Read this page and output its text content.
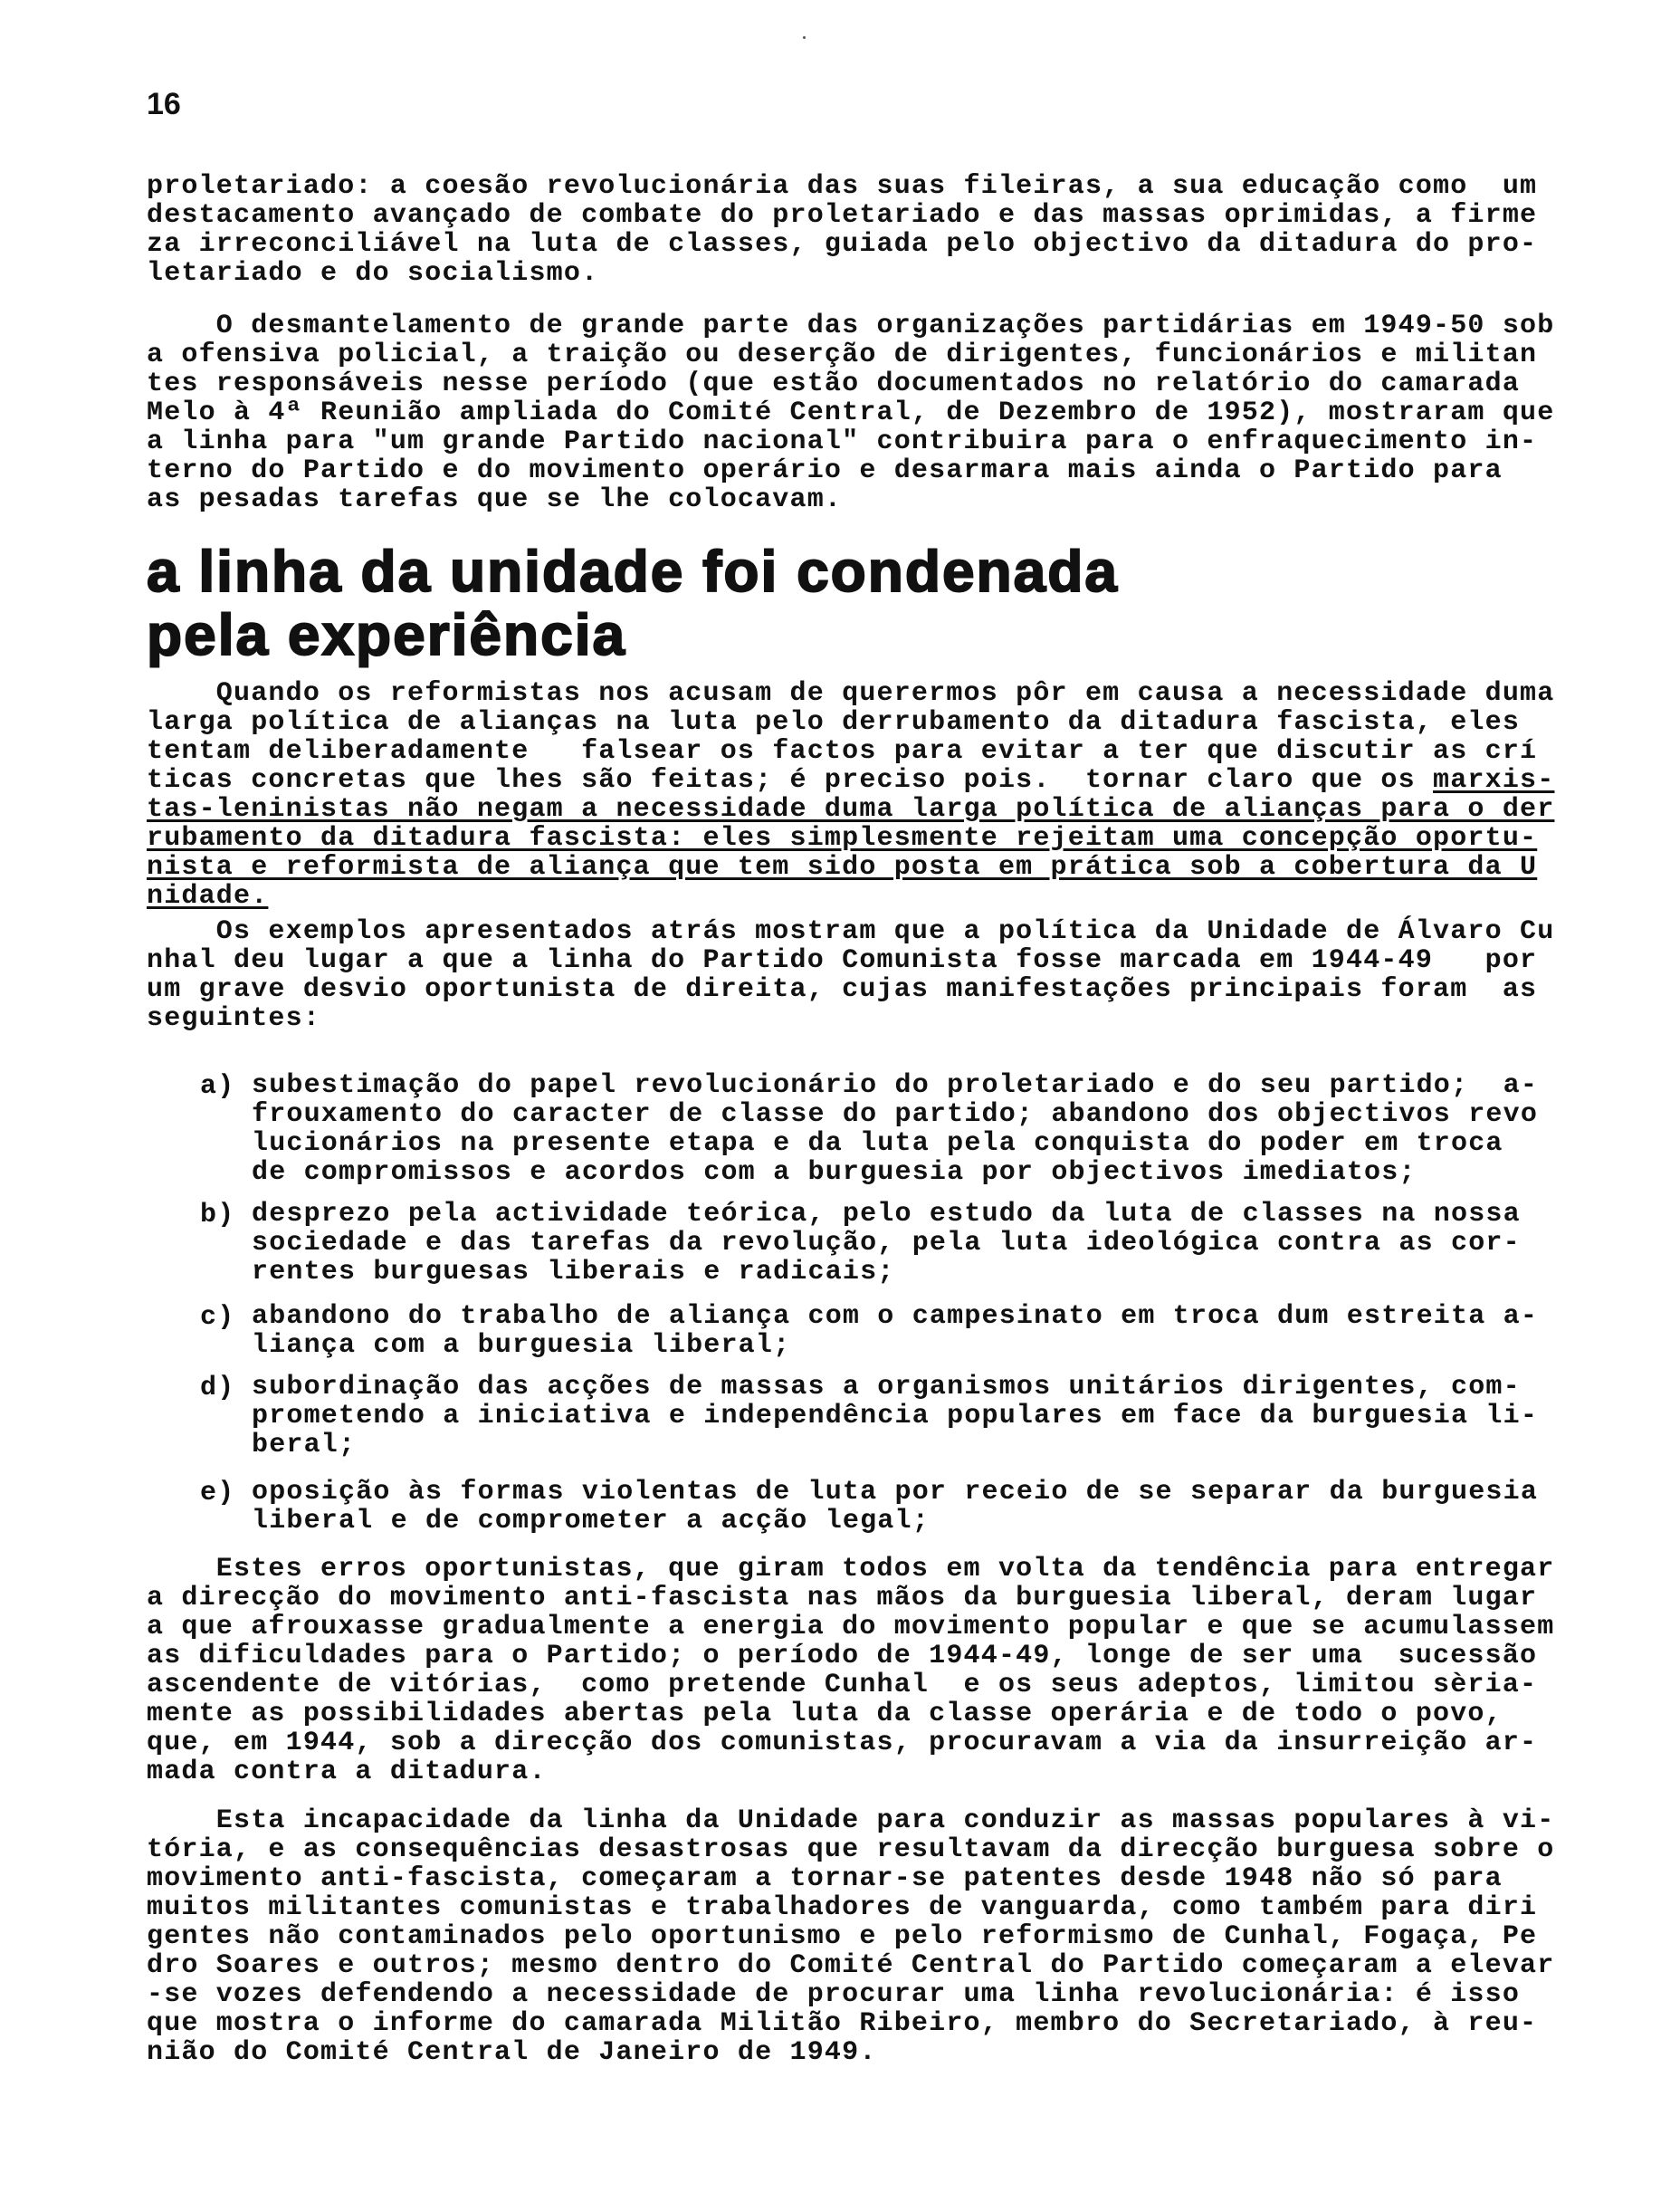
16
proletariado: a coesão revolucionária das suas fileiras, a sua educação como  um
destacamento avançado de combate do proletariado e das massas oprimidas, a firme
za irreconciliável na luta de classes, guiada pelo objectivo da ditadura do pro-
letariado e do socialismo.
O desmantelamento de grande parte das organizações partidárias em 1949-50 sob
a ofensiva policial, a traição ou deserção de dirigentes, funcionários e militan
tes responsáveis nesse período (que estão documentados no relatório do camarada
Melo à 4ª Reunião ampliada do Comité Central, de Dezembro de 1952), mostraram que
a linha para "um grande Partido nacional" contribuira para o enfraquecimento in-
terno do Partido e do movimento operário e desarmara mais ainda o Partido para
as pesadas tarefas que se lhe colocavam.
a linha da unidade foi condenada
pela experiência
Quando os reformistas nos acusam de querermos pôr em causa a necessidade duma
larga política de alianças na luta pelo derrubamento da ditadura fascista, eles
tentam deliberadamente   falsear os factos para evitar a ter que discutir as crí
ticas concretas que lhes são feitas; é preciso pois.  tornar claro que os marxis-
tas-leninistas não negam a necessidade duma larga política de alianças para o der
rubamento da ditadura fascista: eles simplesmente rejeitam uma concepção oportu-
nista e reformista de aliança que tem sido posta em prática sob a cobertura da U
nidade.
Os exemplos apresentados atrás mostram que a política da Unidade de Álvaro Cu
nhal deu lugar a que a linha do Partido Comunista fosse marcada em 1944-49   por
um grave desvio oportunista de direita, cujas manifestações principais foram  as
seguintes:
a) subestimação do papel revolucionário do proletariado e do seu partido;  a-
frouxamento do caracter de classe do partido; abandono dos objectivos revo
lucionários na presente etapa e da luta pela conquista do poder em troca
de compromissos e acordos com a burguesia por objectivos imediatos;
b) desprezo pela actividade teórica, pelo estudo da luta de classes na nossa
sociedade e das tarefas da revolução, pela luta ideológica contra as cor-
rentes burguesas liberais e radicais;
c) abandono do trabalho de aliança com o campesinato em troca dum estreita a-
liança com a burguesia liberal;
d) subordinação das acções de massas a organismos unitários dirigentes, com-
prometendo a iniciativa e independência populares em face da burguesia li-
beral;
e) oposição às formas violentas de luta por receio de se separar da burguesia
liberal e de comprometer a acção legal;
Estes erros oportunistas, que giram todos em volta da tendência para entregar
a direcção do movimento anti-fascista nas mãos da burguesia liberal, deram lugar
a que afrouxasse gradualmente a energia do movimento popular e que se acumulassem
as dificuldades para o Partido; o período de 1944-49, longe de ser uma  sucessão
ascendente de vitórias,  como pretende Cunhal  e os seus adeptos, limitou sèria-
mente as possibilidades abertas pela luta da classe operária e de todo o povo,
que, em 1944, sob a direcção dos comunistas, procuravam a via da insurreição ar-
mada contra a ditadura.
Esta incapacidade da linha da Unidade para conduzir as massas populares à vi-
tória, e as consequências desastrosas que resultavam da direcção burguesa sobre o
movimento anti-fascista, começaram a tornar-se patentes desde 1948 não só para
muitos militantes comunistas e trabalhadores de vanguarda, como também para diri
gentes não contaminados pelo oportunismo e pelo reformismo de Cunhal, Fogaça, Pe
dro Soares e outros; mesmo dentro do Comité Central do Partido começaram a elevar
-se vozes defendendo a necessidade de procurar uma linha revolucionária: é isso
que mostra o informe do camarada Militão Ribeiro, membro do Secretariado, à reu-
nião do Comité Central de Janeiro de 1949.
